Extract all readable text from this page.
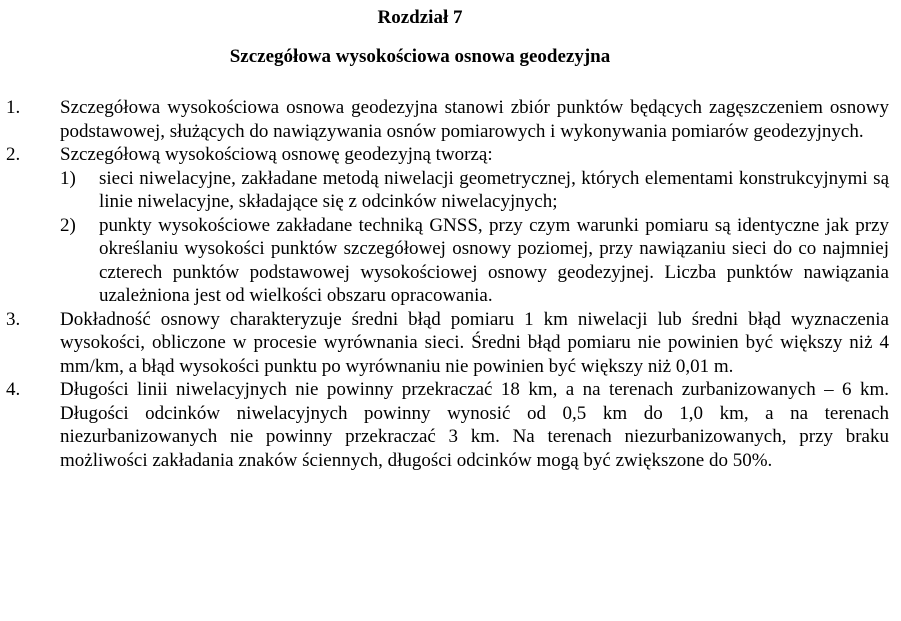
Rozdział 7
Szczegółowa wysokościowa osnowa geodezyjna
1. Szczegółowa wysokościowa osnowa geodezyjna stanowi zbiór punktów będących zagęszczeniem osnowy podstawowej, służących do nawiązywania osnów pomiarowych i wykonywania pomiarów geodezyjnych.
2. Szczegółową wysokościową osnowę geodezyjną tworzą:
1) sieci niwelacyjne, zakładane metodą niwelacji geometrycznej, których elementami konstrukcyjnymi są linie niwelacyjne, składające się z odcinków niwelacyjnych;
2) punkty wysokościowe zakładane techniką GNSS, przy czym warunki pomiaru są identyczne jak przy określaniu wysokości punktów szczegółowej osnowy poziomej, przy nawiązaniu sieci do co najmniej czterech punktów podstawowej wysokościowej osnowy geodezyjnej. Liczba punktów nawiązania uzależniona jest od wielkości obszaru opracowania.
3. Dokładność osnowy charakteryzuje średni błąd pomiaru 1 km niwelacji lub średni błąd wyznaczenia wysokości, obliczone w procesie wyrównania sieci. Średni błąd pomiaru nie powinien być większy niż 4 mm/km, a błąd wysokości punktu po wyrównaniu nie powinien być większy niż 0,01 m.
4. Długości linii niwelacyjnych nie powinny przekraczać 18 km, a na terenach zurbanizowanych – 6 km. Długości odcinków niwelacyjnych powinny wynosić od 0,5 km do 1,0 km, a na terenach niezurbanizowanych nie powinny przekraczać 3 km. Na terenach niezurbanizowanych, przy braku możliwości zakładania znaków ściennych, długości odcinków mogą być zwiększone do 50%.
